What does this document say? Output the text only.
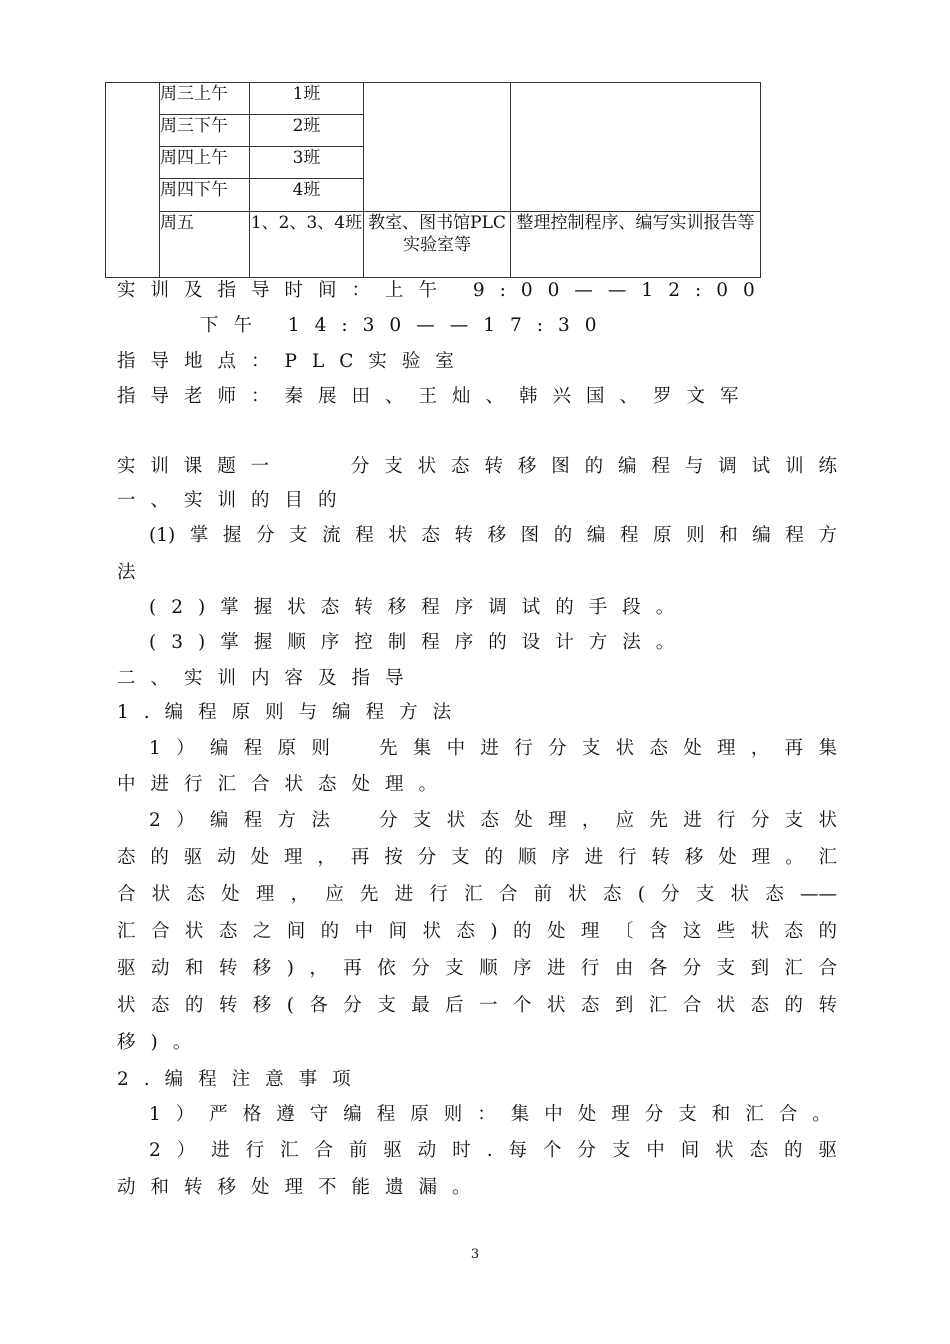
	周三上午	1班		
	周三下午	2班		
	周四上午	3班		
	周四下午	4班		
	周五	1、2、3、4班	教室、图书馆PLC实验室等	整理控制程序、编写实训报告等
实训及指导时间：上午 9:00——12:00
下午 14:30——17:30
指导地点：PLC实验室
指导老师：秦展田、王灿、韩兴国、罗文军
实训课题一　　分支状态转移图的编程与调试训练
一、实训的目的
(1)掌握分支流程状态转移图的编程原则和编程方
法
(2)掌握状态转移程序调试的手段。
(3)掌握顺序控制程序的设计方法。
二、实训内容及指导
1.编程原则与编程方法
1）编程原则　先集中进行分支状态处理，再集
中进行汇合状态处理。
2）编程方法　分支状态处理，应先进行分支状
态的驱动处理，再按分支的顺序进行转移处理。汇
合状态处理，应先进行汇合前状态(分支状态——
汇合状态之间的中间状态)的处理〔含这些状态的
驱动和转移)，再依分支顺序进行由各分支到汇合
状态的转移(各分支最后一个状态到汇合状态的转
移)。
2.编程注意事项
1）严格遵守编程原则：集中处理分支和汇合。
2）进行汇合前驱动时.每个分支中间状态的驱
动和转移处理不能遗漏。
3
